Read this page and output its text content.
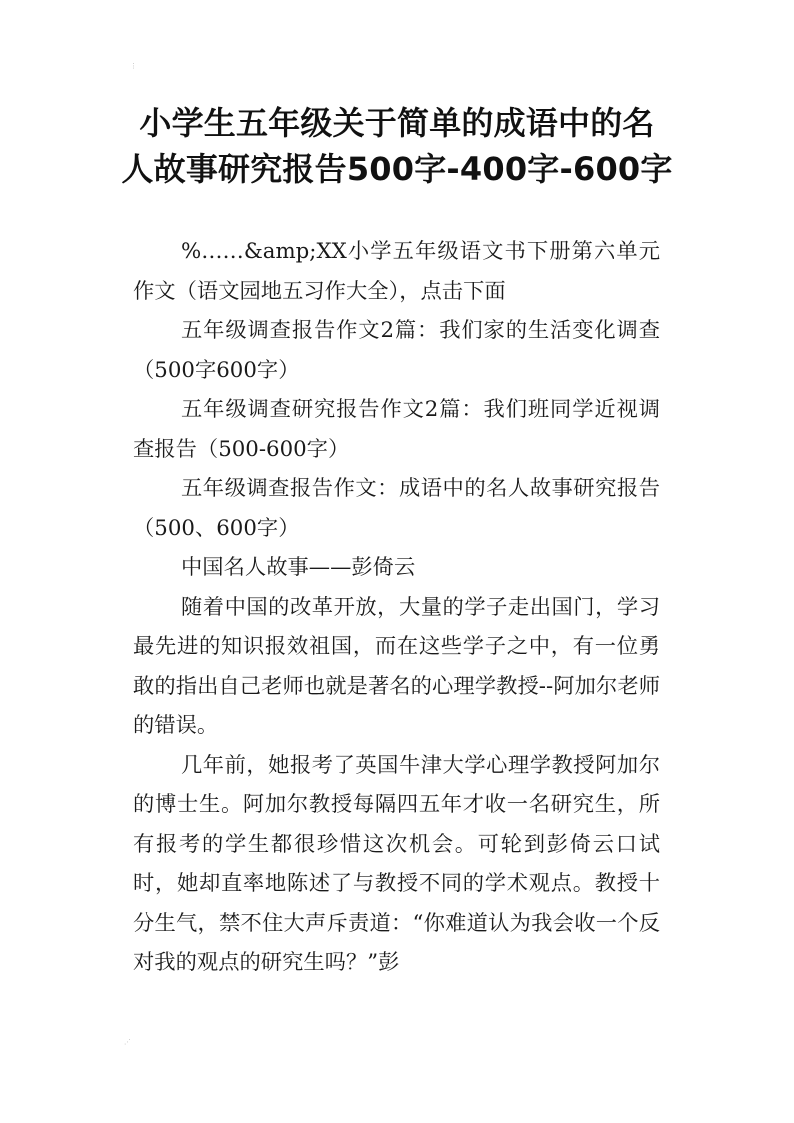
⋮
⋰
小学生五年级关于简单的成语中的名
人故事研究报告500字-400字-600字

%……&amp;XX小学五年级语文书下册第六单元作文（语文园地五习作大全），点击下面

五年级调查报告作文2篇：我们家的生活变化调查（500字600字）

五年级调查研究报告作文2篇：我们班同学近视调查报告（500-600字）

五年级调查报告作文：成语中的名人故事研究报告（500、600字）

中国名人故事——彭倚云

随着中国的改革开放，大量的学子走出国门，学习最先进的知识报效祖国，而在这些学子之中，有一位勇敢的指出自己老师也就是著名的心理学教授--阿加尔老师的错误。

几年前，她报考了英国牛津大学心理学教授阿加尔的博士生。阿加尔教授每隔四五年才收一名研究生，所有报考的学生都很珍惜这次机会。可轮到彭倚云口试时，她却直率地陈述了与教授不同的学术观点。教授十分生气，禁不住大声斥责道：“你难道认为我会收一个反对我的观点的研究生吗？”彭
